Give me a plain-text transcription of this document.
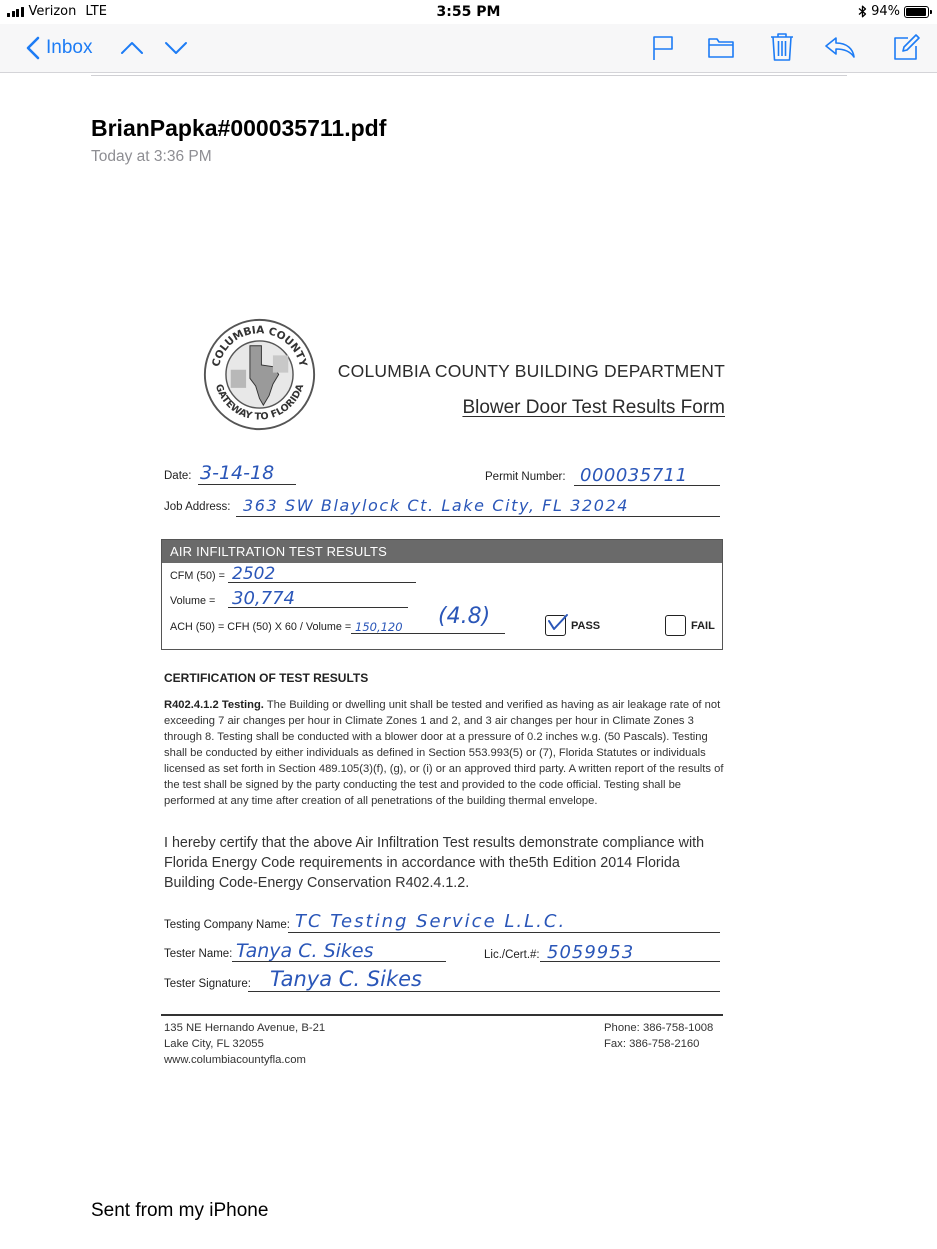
Verizon LTE	3:55 PM	94%
Inbox
BrianPapka#000035711.pdf
Today at 3:36 PM
COLUMBIA COUNTY
GATEWAY TO FLORIDA
COLUMBIA COUNTY BUILDING DEPARTMENT
Blower Door Test Results Form
Date: 3-14-18	Permit Number: 000035711
Job Address: 363 SW Blaylock Ct. Lake City, FL 32024
AIR INFILTRATION TEST RESULTS
CFM (50) = 2502
Volume = 30,774
ACH (50) = CFH (50) X 60 / Volume = 150,120 (4.8)	PASS	FAIL
CERTIFICATION OF TEST RESULTS
R402.4.1.2 Testing. The Building or dwelling unit shall be tested and verified as having as air leakage rate of not exceeding 7 air changes per hour in Climate Zones 1 and 2, and 3 air changes per hour in Climate Zones 3 through 8. Testing shall be conducted with a blower door at a pressure of 0.2 inches w.g. (50 Pascals). Testing shall be conducted by either individuals as defined in Section 553.993(5) or (7), Florida Statutes or individuals licensed as set forth in Section 489.105(3)(f), (g), or (i) or an approved third party. A written report of the results of the test shall be signed by the party conducting the test and provided to the code official. Testing shall be performed at any time after creation of all penetrations of the building thermal envelope.
I hereby certify that the above Air Infiltration Test results demonstrate compliance with Florida Energy Code requirements in accordance with the5th Edition 2014 Florida Building Code-Energy Conservation R402.4.1.2.
Testing Company Name: TC Testing Service L.L.C.
Tester Name: Tanya C. Sikes	Lic./Cert.#: 5059953
Tester Signature: Tanya C. Sikes
135 NE Hernando Avenue, B-21
Lake City, FL 32055
www.columbiacountyfla.com
Phone: 386-758-1008
Fax: 386-758-2160
Sent from my iPhone
